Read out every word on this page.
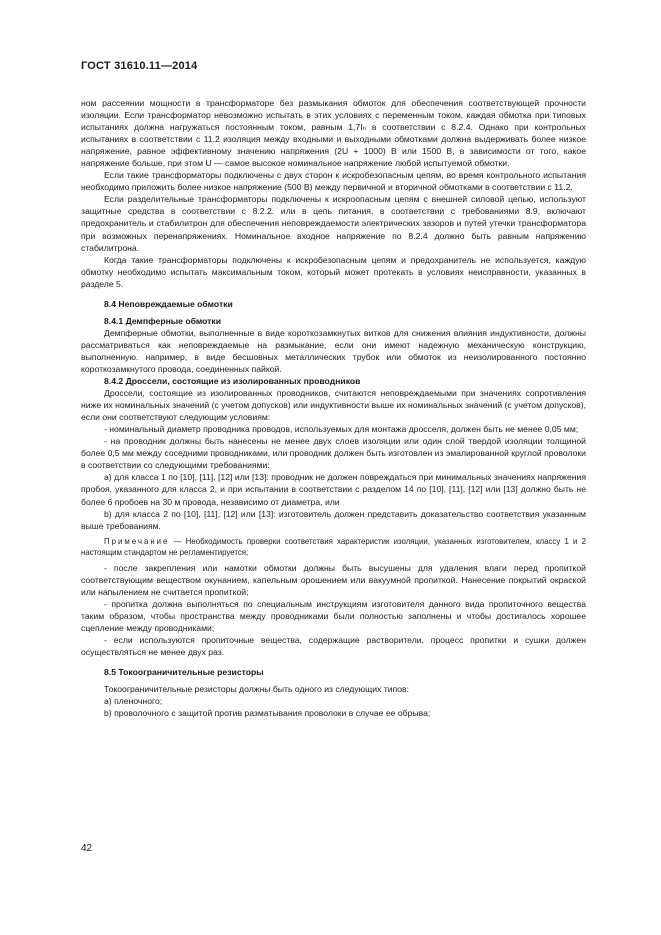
ГОСТ 31610.11—2014

ном рассеянии мощности в трансформаторе без размыкания обмоток для обеспечения соответствующей прочности изоляции. Если трансформатор невозможно испытать в этих условиях с переменным током, каждая обмотка при типовых испытаниях должна нагружаться постоянным током, равным 1,7Iₙ в соответствии с 8.2.4. Однако при контрольных испытаниях в соответствии с 11.2 изоляция между входными и выходными обмотками должна выдерживать более низкое напряжение, равное эффективному значению напряжения (2U + 1000) В или 1500 В, в зависимости от того, какое напряжение больше, при этом U — самое высокое номинальное напряжение любой испытуемой обмотки.

Если такие трансформаторы подключены с двух сторон к искробезопасным цепям, во время контрольного испытания необходимо приложить более низкое напряжение (500 В) между первичной и вторичной обмотками в соответствии с 11.2.

Если разделительные трансформаторы подключены к искроопасным цепям с внешней силовой цепью, используют защитные средства в соответствии с 8.2.2. или в цепь питания, в соответствии с требованиями 8.9, включают предохранитель и стабилитрон для обеспечения неповреждаемости электрических зазоров и путей утечки трансформатора при возможных перенапряжениях. Номинальное входное напряжение по 8.2.4 должно быть равным напряжению стабилитрона.

Когда такие трансформаторы подключены к искробезопасным цепям и предохранитель не используется, каждую обмотку необходимо испытать максимальным током, который может протекать в условиях неисправности, указанных в разделе 5.

8.4 Неповреждаемые обмотки
8.4.1 Демпферные обмотки

Демпферные обмотки, выполненные в виде короткозамкнутых витков для снижения влияния индуктивности, должны рассматриваться как неповреждаемые на размыкание, если они имеют надежную механическую конструкцию, выполненную. например, в виде бесшовных металлических трубок или обмоток из неизолированного постоянно короткозамкнутого провода, соединенных пайкой.

8.4.2 Дроссели, состоящие из изолированных проводников

Дроссели, состоящие из изолированных проводников, считаются неповреждаемыми при значениях сопротивления ниже их номинальных значений (с учетом допусков) или индуктивности выше их номинальных значений (с учетом допусков), если они соответствуют следующим условиям:

- номинальный диаметр проводника проводов, используемых для монтажа дросселя, должен быть не менее 0,05 мм;

- на проводник должны быть нанесены не менее двух слоев изоляции или один слой твердой изоляции толщиной более 0,5 мм между соседними проводниками, или проводник должен быть изготовлен из эмалированной круглой проволоки в соответствии со следующими требованиями:

а) для класса 1 по [10], [11], [12] или [13]: проводник не должен повреждаться при минимальных значениях напряжения пробоя, указанного для класса 2, и при испытании в соответствии с разделом 14 по [10], [11], [12] или [13] должно быть не более 6 пробоев на 30 м провода, независимо от диаметра, или

b) для класса 2 по [10], [11], [12] или [13]: изготовитель должен представить доказательство соответствия указанным выше требованиям.

Примечание — Необходимость проверки соответствия характеристик изоляции, указанных изготовителем, классу 1 и 2 настоящим стандартом не регламентируется;

- после закрепления или намотки обмотки должны быть высушены для удаления влаги перед пропиткой соответствующим веществом окунанием, капельным орошением или вакуумной пропиткой. Нанесение покрытий окраской или напылением не считается пропиткой;

- пропитка должна выполняться по специальным инструкциям изготовителя данного вида пропиточного вещества таким образом, чтобы пространства между проводниками были полностью заполнены и чтобы достигалось хорошее сцепление между проводниками;

- если используются пропиточные вещества, содержащие растворители, процесс пропитки и сушки должен осуществляться не менее двух раз.

8.5 Токоограничительные резисторы

Токоограничительные резисторы должны быть одного из следующих типов:

а) пленочного;

b) проволочного с защитой против разматывания проволоки в случае ее обрыва;

42
